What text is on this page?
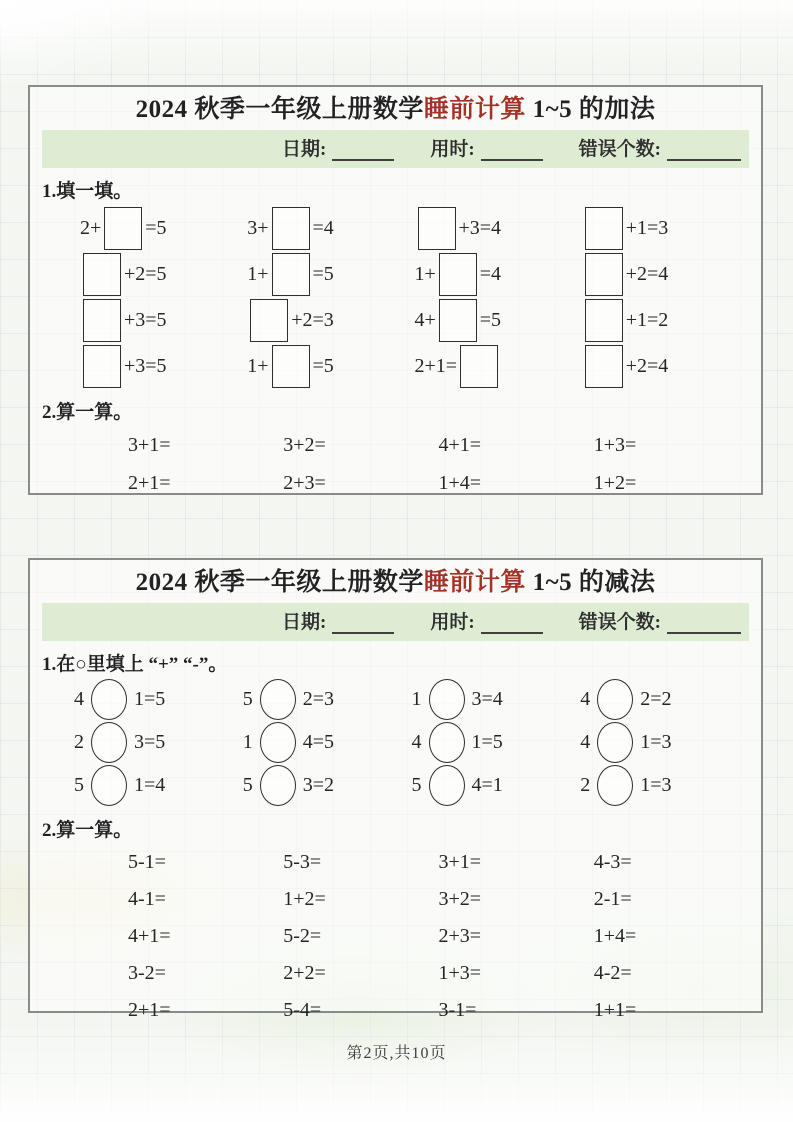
2024 秋季一年级上册数学睡前计算 1~5 的加法
日期:	用时:	错误个数:
1.填一填。
2+ =5	3+ =4	+3=4	+1=3
+2=5	1+ =5	1+ =4	+2=4
+3=5	+2=3	4+ =5	+1=2
+3=5	1+ =5	2+1=	+2=4
2.算一算。
3+1=	3+2=	4+1=	1+3=
2+1=	2+3=	1+4=	1+2=
2024 秋季一年级上册数学睡前计算 1~5 的减法
日期:	用时:	错误个数:
1.在○里填上 “+” “-”。
4	1=5	5	2=3	1	3=4	4	2=2
2	3=5	1	4=5	4	1=5	4	1=3
5	1=4	5	3=2	5	4=1	2	1=3
2.算一算。
5-1=	5-3=	3+1=	4-3=
4-1=	1+2=	3+2=	2-1=
4+1=	5-2=	2+3=	1+4=
3-2=	2+2=	1+3=	4-2=
2+1=	5-4=	3-1=	1+1=
第2页,共10页
